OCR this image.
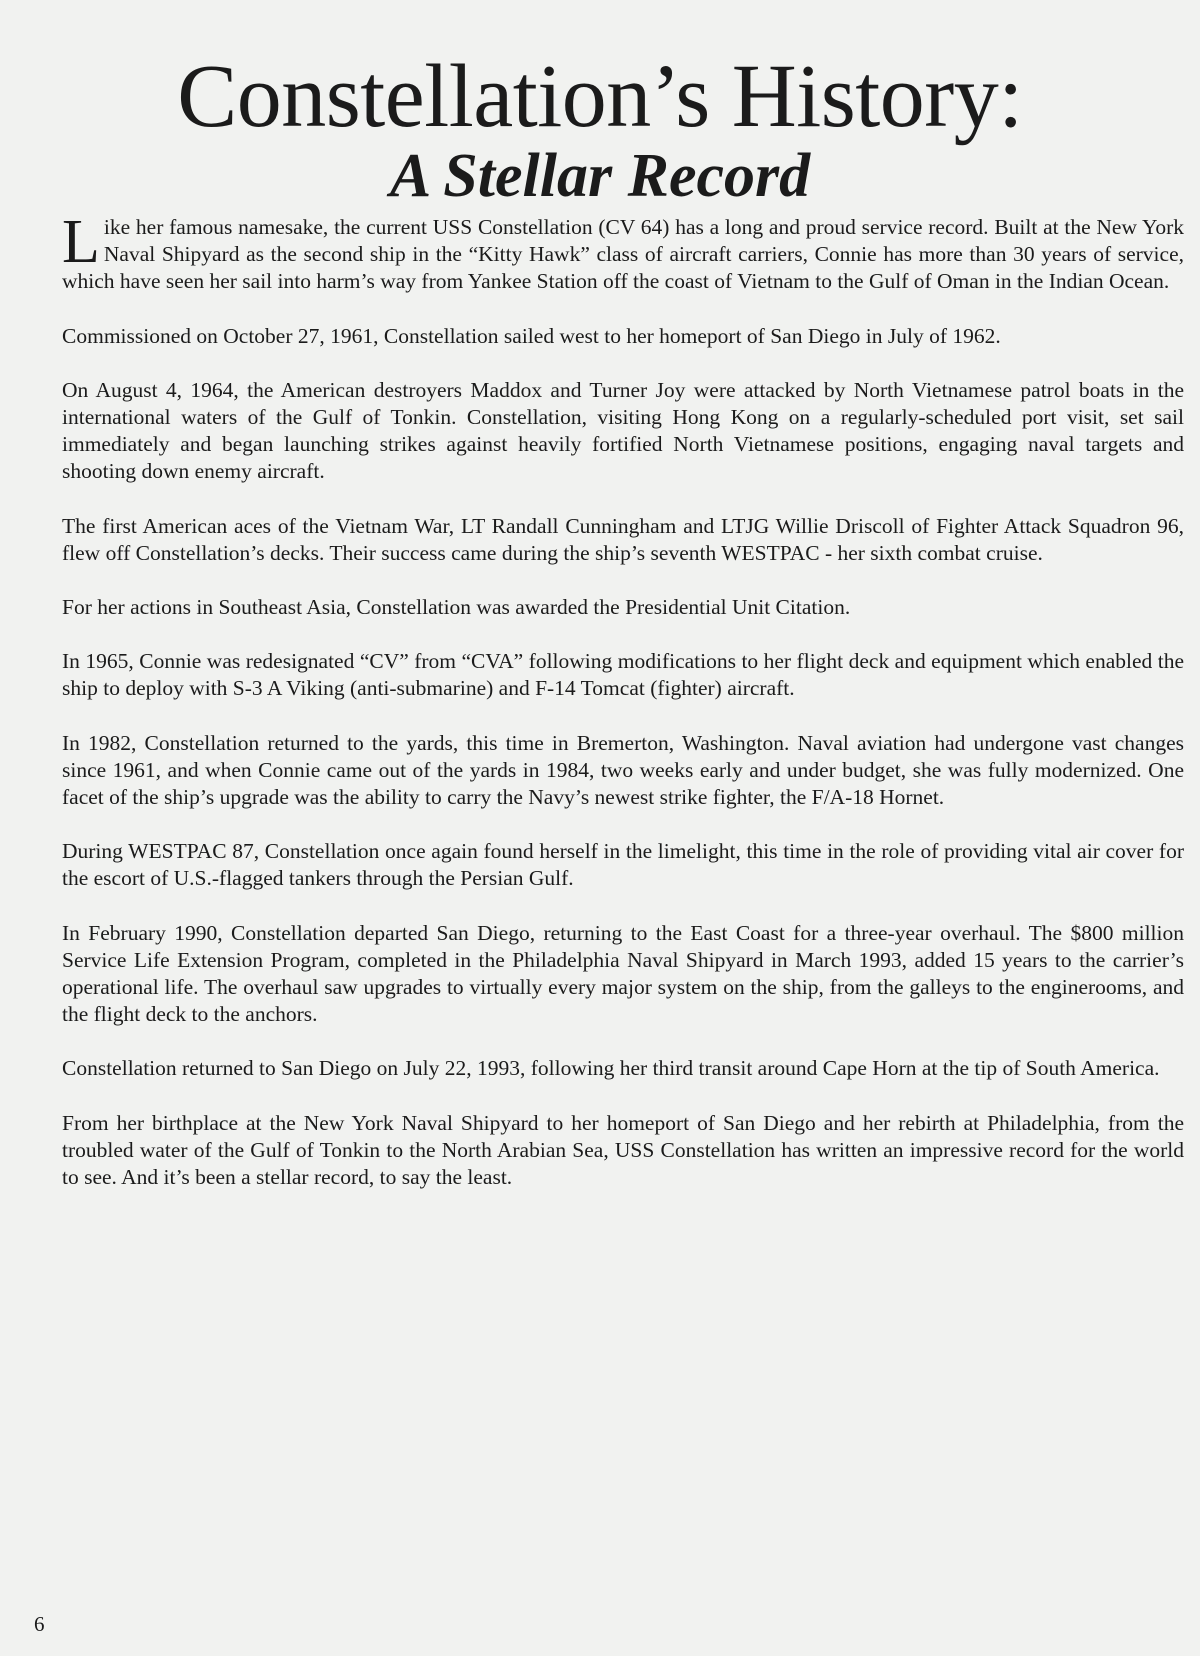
Constellation’s History:
A Stellar Record

Like her famous namesake, the current USS Constellation (CV 64) has a long and proud service record. Built at the New York Naval Shipyard as the second ship in the “Kitty Hawk” class of aircraft carriers, Connie has more than 30 years of service, which have seen her sail into harm’s way from Yankee Station off the coast of Vietnam to the Gulf of Oman in the Indian Ocean.

Commissioned on October 27, 1961, Constellation sailed west to her homeport of San Diego in July of 1962.

On August 4, 1964, the American destroyers Maddox and Turner Joy were attacked by North Vietnamese patrol boats in the international waters of the Gulf of Tonkin. Constellation, visiting Hong Kong on a regularly-scheduled port visit, set sail immediately and began launching strikes against heavily fortified North Vietnamese positions, engaging naval targets and shooting down enemy aircraft.

The first American aces of the Vietnam War, LT Randall Cunningham and LTJG Willie Driscoll of Fighter Attack Squadron 96, flew off Constellation’s decks. Their success came during the ship’s seventh WESTPAC - her sixth combat cruise.

For her actions in Southeast Asia, Constellation was awarded the Presidential Unit Citation.

In 1965, Connie was redesignated “CV” from “CVA” following modifications to her flight deck and equipment which enabled the ship to deploy with S-3 A Viking (anti-submarine) and F-14 Tomcat (fighter) aircraft.

In 1982, Constellation returned to the yards, this time in Bremerton, Washington. Naval aviation had undergone vast changes since 1961, and when Connie came out of the yards in 1984, two weeks early and under budget, she was fully modernized. One facet of the ship’s upgrade was the ability to carry the Navy’s newest strike fighter, the F/A-18 Hornet.

During WESTPAC 87, Constellation once again found herself in the limelight, this time in the role of providing vital air cover for the escort of U.S.-flagged tankers through the Persian Gulf.

In February 1990, Constellation departed San Diego, returning to the East Coast for a three-year overhaul. The $800 million Service Life Extension Program, completed in the Philadelphia Naval Shipyard in March 1993, added 15 years to the carrier’s operational life. The overhaul saw upgrades to virtually every major system on the ship, from the galleys to the enginerooms, and the flight deck to the anchors.

Constellation returned to San Diego on July 22, 1993, following her third transit around Cape Horn at the tip of South America.

From her birthplace at the New York Naval Shipyard to her homeport of San Diego and her rebirth at Philadelphia, from the troubled water of the Gulf of Tonkin to the North Arabian Sea, USS Constellation has written an impressive record for the world to see. And it’s been a stellar record, to say the least.

6
